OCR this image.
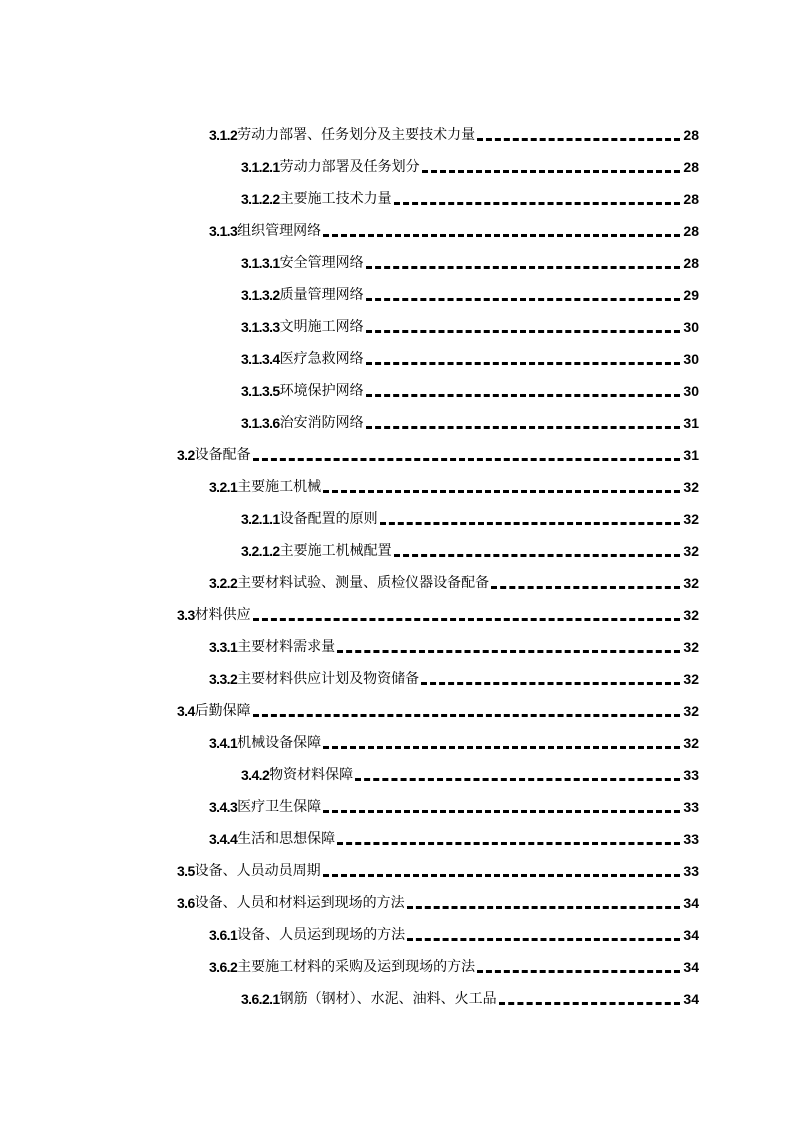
3.1.2 劳动力部署、任务划分及主要技术力量	28
3.1.2.1 劳动力部署及任务划分	28
3.1.2.2 主要施工技术力量	28
3.1.3 组织管理网络	28
3.1.3.1 安全管理网络	28
3.1.3.2 质量管理网络	29
3.1.3.3 文明施工网络	30
3.1.3.4 医疗急救网络	30
3.1.3.5 环境保护网络	30
3.1.3.6 治安消防网络	31
3.2 设备配备	31
3.2.1 主要施工机械	32
3.2.1.1 设备配置的原则	32
3.2.1.2 主要施工机械配置	32
3.2.2 主要材料试验、测量、质检仪器设备配备	32
3.3 材料供应	32
3.3.1 主要材料需求量	32
3.3.2 主要材料供应计划及物资储备	32
3.4 后勤保障	32
3.4.1 机械设备保障	32
3.4.2 物资材料保障	33
3.4.3 医疗卫生保障	33
3.4.4 生活和思想保障	33
3.5 设备、人员动员周期	33
3.6 设备、人员和材料运到现场的方法	34
3.6.1 设备、人员运到现场的方法	34
3.6.2 主要施工材料的采购及运到现场的方法	34
3.6.2.1 钢筋（钢材）、水泥、油料、火工品	34
